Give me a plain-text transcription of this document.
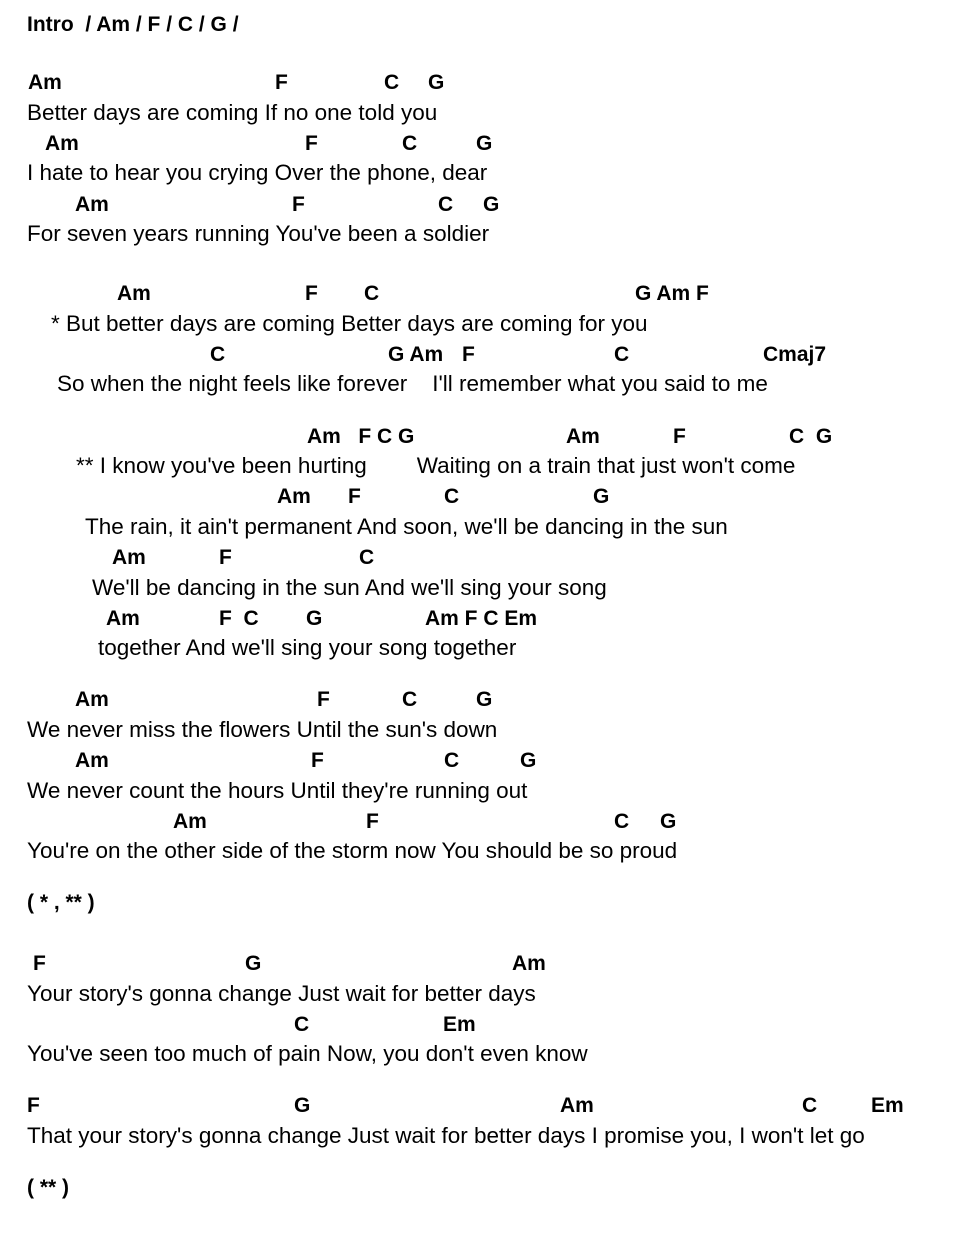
Intro  / Am / F / C / G /
Am	F	C G
Better days are coming If no one told you
Am	F	C	G
I hate to hear you crying Over the phone, dear
Am	F	C G
For seven years running You've been a soldier
Am	F C	G Am F
* But better days are coming Better days are coming for you
C	G Am F	C	Cmaj7
So when the night feels like forever    I'll remember what you said to me
Am   F C G	Am	F	C  G
** I know you've been hurting        Waiting on a train that just won't come
Am F	C	G
The rain, it ain't permanent And soon, we'll be dancing in the sun
Am	F	C
We'll be dancing in the sun And we'll sing your song
Am	F  C G	Am F C Em
together And we'll sing your song together
Am	F	C	G
We never miss the flowers Until the sun's down
Am	F	C	G
We never count the hours Until they're running out
Am	F	C G
You're on the other side of the storm now You should be so proud
( * , ** )
F	G	Am
Your story's gonna change Just wait for better days
C	Em
You've seen too much of pain Now, you don't even know
F	G	Am	C	Em
That your story's gonna change Just wait for better days I promise you, I won't let go
( ** )
